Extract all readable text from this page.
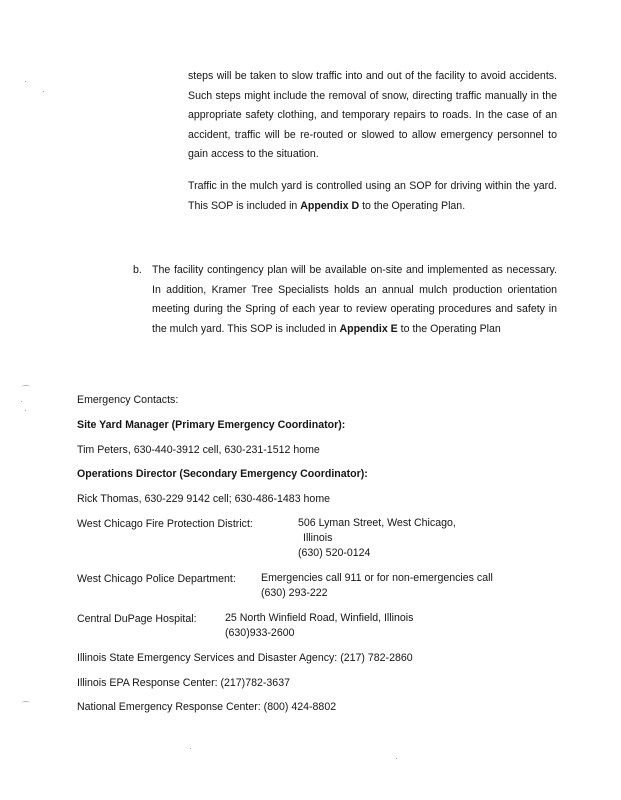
steps will be taken to slow traffic into and out of the facility to avoid accidents. Such steps might include the removal of snow, directing traffic manually in the appropriate safety clothing, and temporary repairs to roads. In the case of an accident, traffic will be re-routed or slowed to allow emergency personnel to gain access to the situation.

Traffic in the mulch yard is controlled using an SOP for driving within the yard. This SOP is included in Appendix D to the Operating Plan.

b. The facility contingency plan will be available on-site and implemented as necessary. In addition, Kramer Tree Specialists holds an annual mulch production orientation meeting during the Spring of each year to review operating procedures and safety in the mulch yard. This SOP is included in Appendix E to the Operating Plan

Emergency Contacts:
Site Yard Manager (Primary Emergency Coordinator):
Tim Peters, 630-440-3912 cell, 630-231-1512 home
Operations Director (Secondary Emergency Coordinator):
Rick Thomas, 630-229 9142 cell; 630-486-1483 home
West Chicago Fire Protection District:	506 Lyman Street, West Chicago,
Illinois
(630) 520-0124
West Chicago Police Department: Emergencies call 911 or for non-emergencies call
(630) 293-222
Central DuPage Hospital:	25 North Winfield Road, Winfield, Illinois
(630)933-2600
Illinois State Emergency Services and Disaster Agency: (217) 782-2860
Illinois EPA Response Center: (217)782-3637
National Emergency Response Center: (800) 424-8802
·
·
⌒
·
ˋ
⌒
·
·
